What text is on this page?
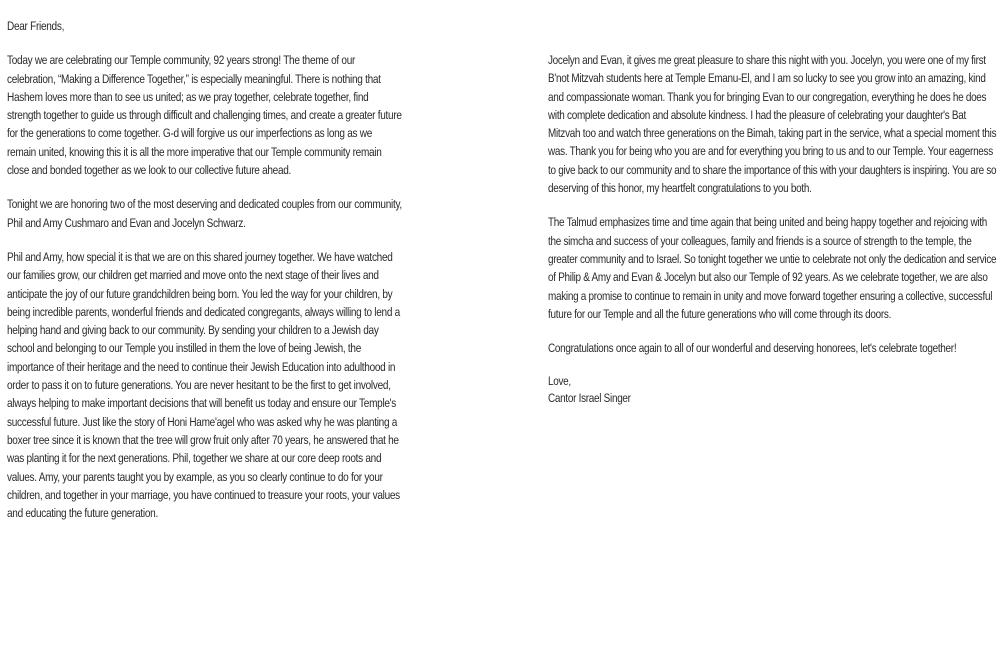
Dear Friends,

Today we are celebrating our Temple community, 92 years strong! The theme of our
celebration, “Making a Difference Together,” is especially meaningful. There is nothing that
Hashem loves more than to see us united; as we pray together, celebrate together, find
strength together to guide us through difficult and challenging times, and create a greater future
for the generations to come together. G-d will forgive us our imperfections as long as we
remain united, knowing this it is all the more imperative that our Temple community remain
close and bonded together as we look to our collective future ahead.

Tonight we are honoring two of the most deserving and dedicated couples from our community,
Phil and Amy Cushmaro and Evan and Jocelyn Schwarz.

Phil and Amy, how special it is that we are on this shared journey together. We have watched
our families grow, our children get married and move onto the next stage of their lives and
anticipate the joy of our future grandchildren being born. You led the way for your children, by
being incredible parents, wonderful friends and dedicated congregants, always willing to lend a
helping hand and giving back to our community. By sending your children to a Jewish day
school and belonging to our Temple you instilled in them the love of being Jewish, the
importance of their heritage and the need to continue their Jewish Education into adulthood in
order to pass it on to future generations. You are never hesitant to be the first to get involved,
always helping to make important decisions that will benefit us today and ensure our Temple's
successful future. Just like the story of Honi Hame'agel who was asked why he was planting a
boxer tree since it is known that the tree will grow fruit only after 70 years, he answered that he
was planting it for the next generations. Phil, together we share at our core deep roots and
values. Amy, your parents taught you by example, as you so clearly continue to do for your
children, and together in your marriage, you have continued to treasure your roots, your values
and educating the future generation.

Jocelyn and Evan, it gives me great pleasure to share this night with you. Jocelyn, you were one of my first
B'not Mitzvah students here at Temple Emanu-El, and I am so lucky to see you grow into an amazing, kind
and compassionate woman. Thank you for bringing Evan to our congregation, everything he does he does
with complete dedication and absolute kindness. I had the pleasure of celebrating your daughter's Bat
Mitzvah too and watch three generations on the Bimah, taking part in the service, what a special moment this
was. Thank you for being who you are and for everything you bring to us and to our Temple. Your eagerness
to give back to our community and to share the importance of this with your daughters is inspiring. You are so
deserving of this honor, my heartfelt congratulations to you both.

The Talmud emphasizes time and time again that being united and being happy together and rejoicing with
the simcha and success of your colleagues, family and friends is a source of strength to the temple, the
greater community and to Israel. So tonight together we untie to celebrate not only the dedication and service
of Philip & Amy and Evan & Jocelyn but also our Temple of 92 years. As we celebrate together, we are also
making a promise to continue to remain in unity and move forward together ensuring a collective, successful
future for our Temple and all the future generations who will come through its doors.

Congratulations once again to all of our wonderful and deserving honorees, let's celebrate together!

Love,
Cantor Israel Singer
